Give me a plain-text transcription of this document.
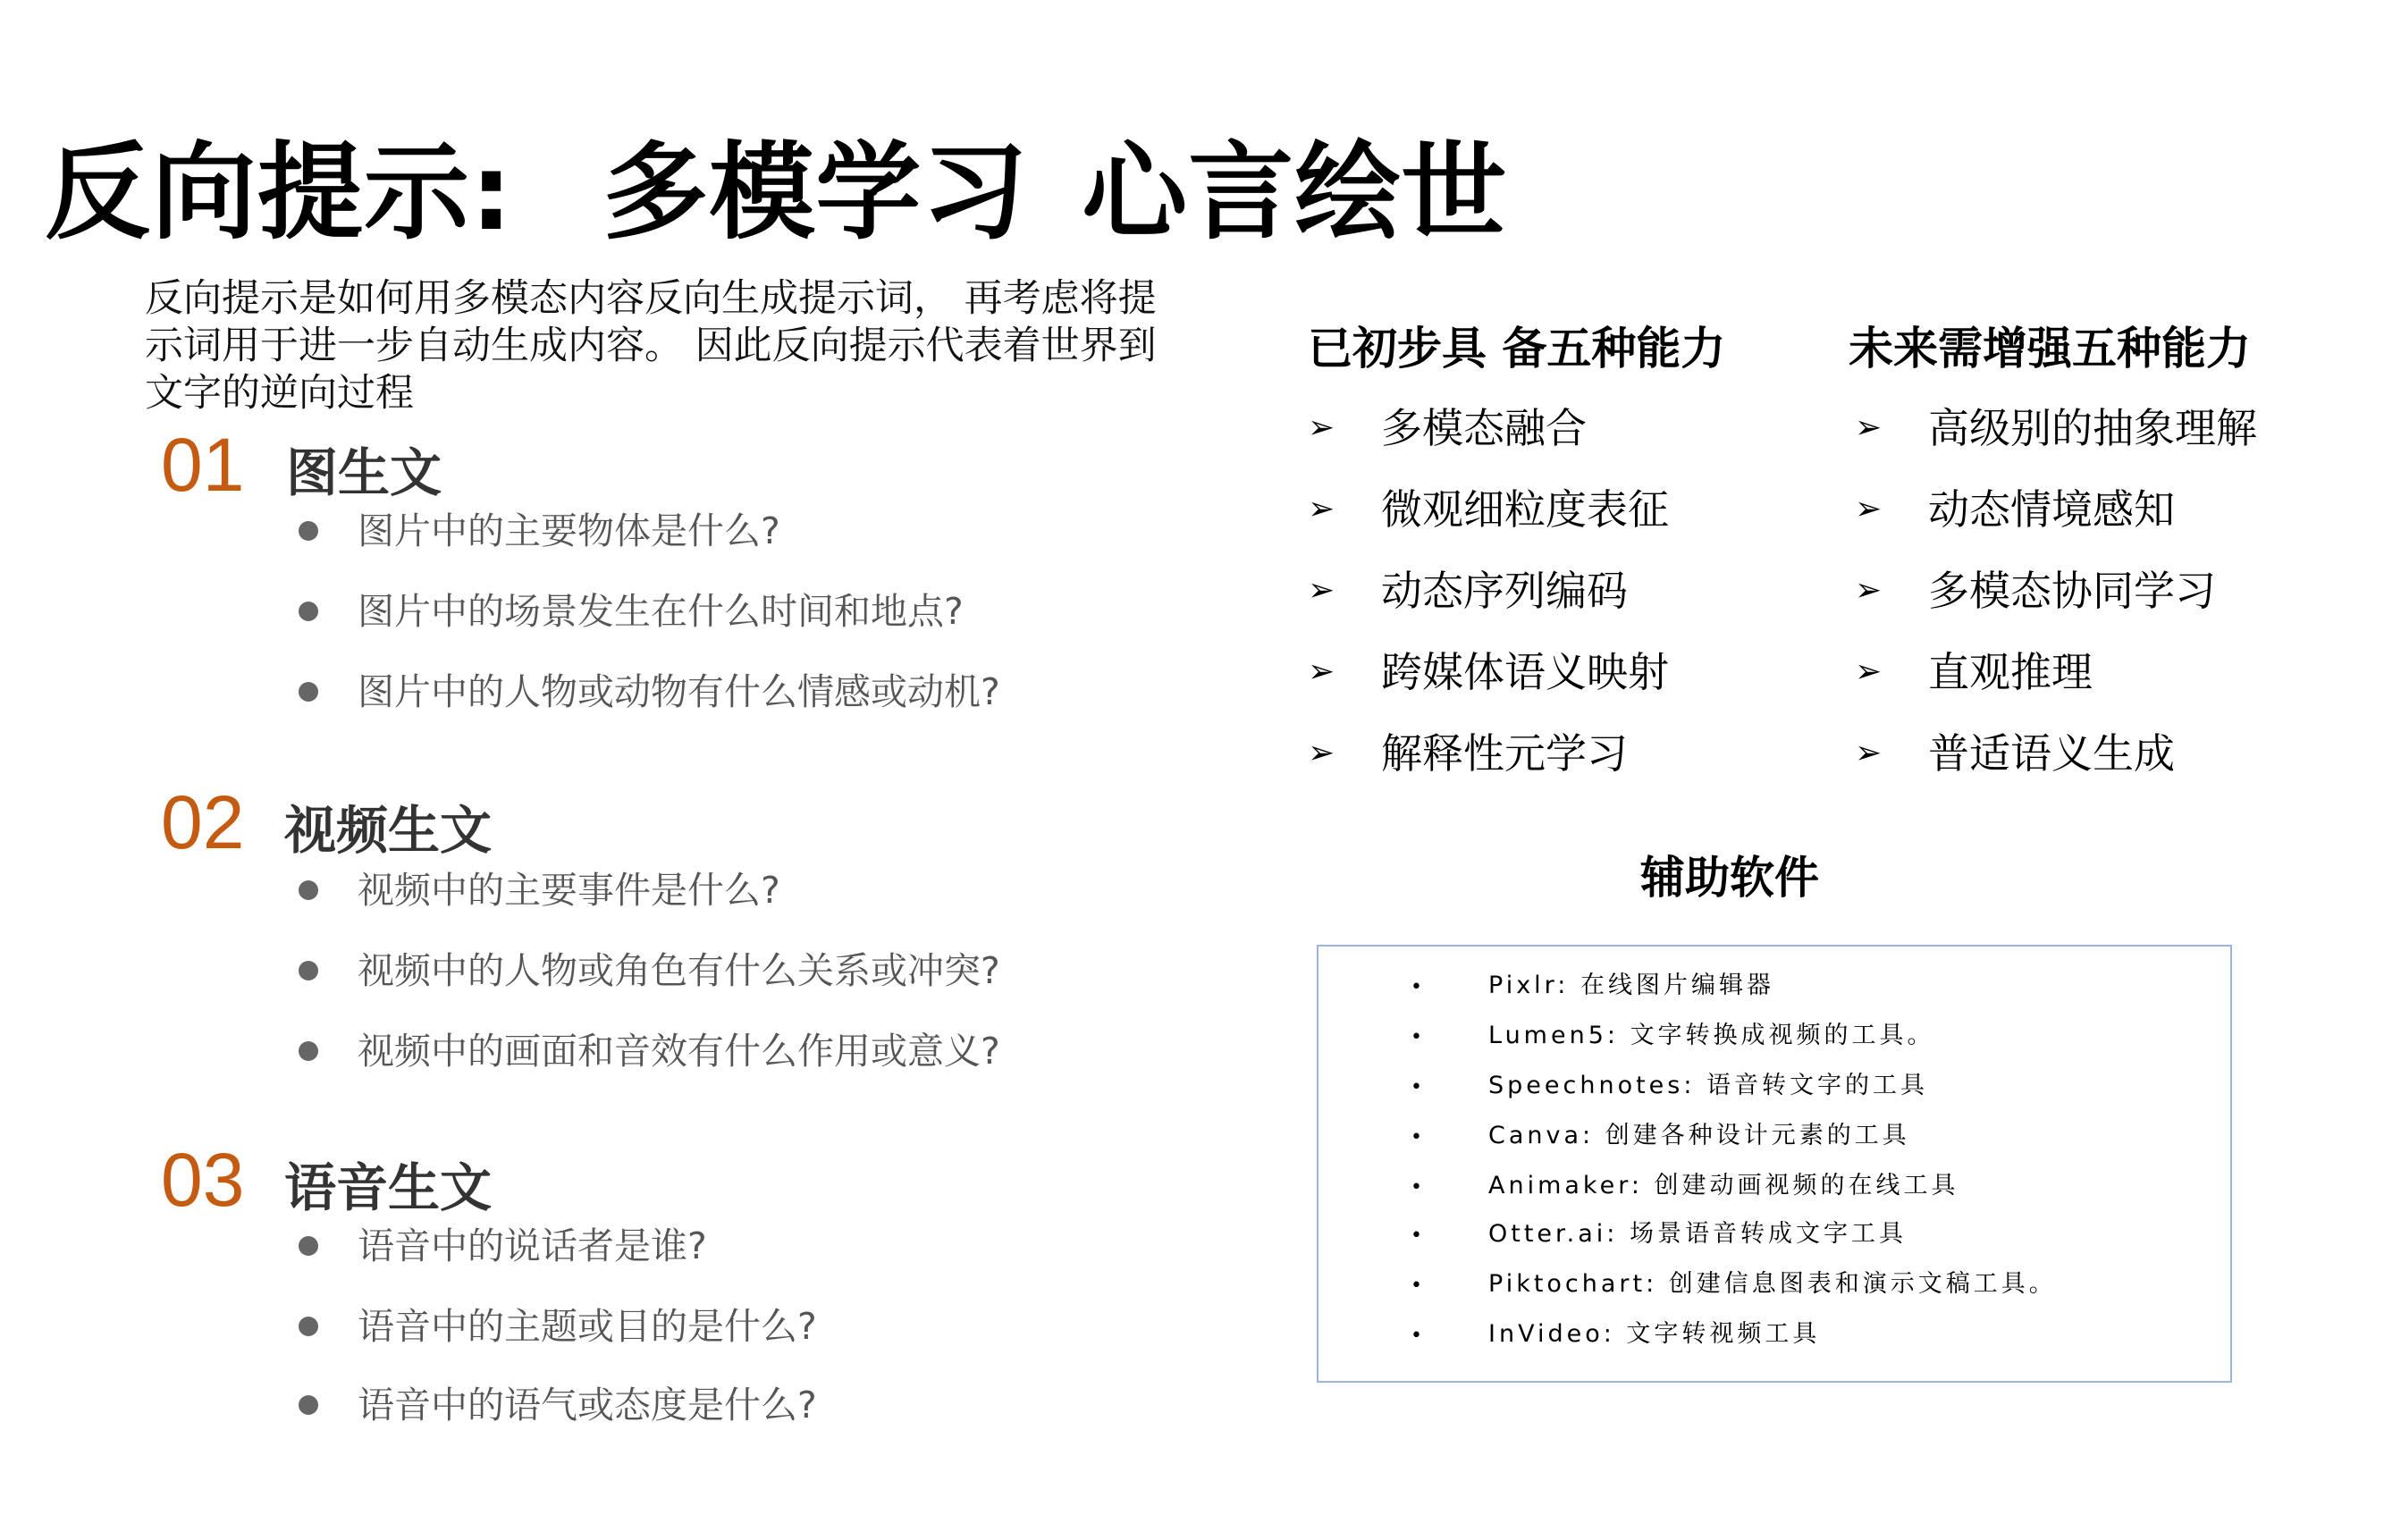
反向提示: 多模学习 心言绘世
反向提示是如何用多模态内容反向生成提示词， 再考虑将提示词用于进一步自动生成内容。 因此反向提示代表着世界到文字的逆向过程
01 图生文
图片中的主要物体是什么?
图片中的场景发生在什么时间和地点?
图片中的人物或动物有什么情感或动机?
02 视频生文
视频中的主要事件是什么?
视频中的人物或角色有什么关系或冲突?
视频中的画面和音效有什么作用或意义?
03 语音生文
语音中的说话者是谁?
语音中的主题或目的是什么?
语音中的语气或态度是什么?
已初步具 备五种能力
➢ 多模态融合
➢ 微观细粒度表征
➢ 动态序列编码
➢ 跨媒体语义映射
➢ 解释性元学习
未来需增强五种能力
➢ 高级别的抽象理解
➢ 动态情境感知
➢ 多模态协同学习
➢ 直观推理
➢ 普适语义生成
辅助软件
•	Pixlr: 在线图片编辑器
•	Lumen5: 文字转换成视频的工具。
•	Speechnotes: 语音转文字的工具
•	Canva: 创建各种设计元素的工具
•	Animaker: 创建动画视频的在线工具
•	Otter.ai: 场景语音转成文字工具
•	Piktochart: 创建信息图表和演示文稿工具。
•	InVideo: 文字转视频工具
